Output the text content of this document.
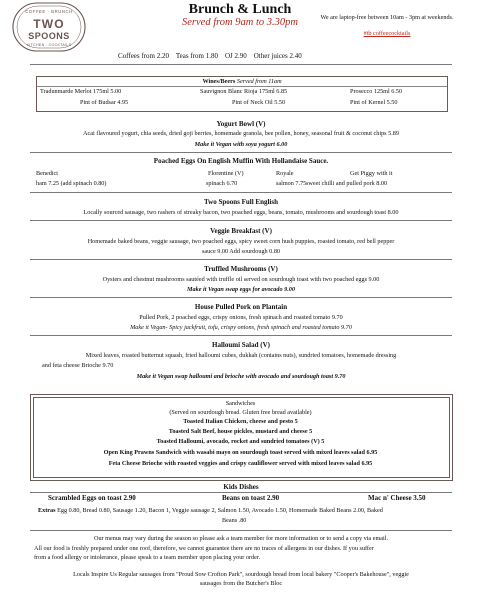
COFFEE · BRUNCH
TWO
SPOONS
KITCHEN · COCKTAILS
Brunch & Lunch
Served from 9am to 3.30pm	We are laptop-free between 10am - 3pm at weekends.
#tb coffeecocktails
Coffees from 2.20 Teas from 1.80 OJ 2.90 Other juices 2.40
Wines/Beers Served from 11am
Tradunmarde Merlot 175ml 5.00	Sauvignon Blanc Rioja 175ml 6.85	Prosecco 125ml 6.50
Pint of Budsar 4.95	Pint of Neck Oil 5.50	Pint of Kernel 5.50
Yogurt Bowl (V)
Acai flavoured yogurt, chia seeds, dried goji berries, homemade granola, bee pollen, honey, seasonal fruit & coconut chips 5.89
Make it Vegan with soya yogurt 6.00
Poached Eggs On English Muffin With Hollandaise Sauce.
Benedict
ham 7.25 (add spinach 0.80)
Florentine (V)
spinach 6.70
Royale
salmon 7.75
Get Piggy with it
sweet chilli and pulled pork 8.00
Two Spoons Full English
Locally sourced sausage, two rashers of streaky bacon, two poached eggs, beans, tomato, mushrooms and sourdough toast 8.00
Veggie Breakfast (V)
Homemade baked beans, veggie sausage, two poached eggs, spicy sweet corn hush puppies, roasted tomato, red bell pepper
sauce 9.00 Add sourdough 0.80
Truffled Mushrooms (V)
Oysters and chestnut mushrooms sautéed with truffle oil served on sourdough toast with two poached eggs 9.00
Make it Vegan swap eggs for avocado 9.00
House Pulled Pork on Plantain
Pulled Pork, 2 poached eggs, crispy onions, fresh spinach and roasted tomato 9.70
Make it Vegan- Spicy jackfruit, tofu, crispy onions, fresh spinach and roasted tomato 9.70
Halloumi Salad (V)
Mixed leaves, roasted butternut squash, fried halloumi cubes, dukkah (contains nuts), sundried tomatoes, homemade dressing
and feta cheese Brioche 9.70
Make it Vegan swap halloumi and brioche with avocado and sourdough toast 9.70
Sandwiches
(Served on sourdough bread. Gluten free bread available)
Toasted Italian Chicken, cheese and pesto 5
Toasted Salt Beef, house pickles, mustard and cheese 5
Toasted Halloumi, avocado, rocket and sundried tomatoes (V) 5
Open King Prawns Sandwich with wasabi mayo on sourdough toast served with mixed leaves salad 6.95
Feta Cheese Brioche with roasted veggies and crispy cauliflower served with mixed leaves salad 6.95
Kids Dishes
Scrambled Eggs on toast 2.90	Beans on toast 2.90	Mac n' Cheese 3.50
Extras Egg 0.80, Bread 0.80, Sausage 1.20, Bacon 1, Veggie sausage 2, Salmon 1.50, Avocado 1.50, Homemade Baked Beans 2.00, Baked
Beans .80
Our menus may vary during the season so please ask a team member for more information or to send a copy via email.
All our food is freshly prepared under one roof, therefore, we cannot guarantee there are no traces of allergens in our dishes. If you suffer
from a food allergy or intolerance, please speak to a team member upon placing your order.
Locals Inspire Us Regular sausages from "Proud Sow Crofton Park", sourdough bread from local bakery "Cooper's Bakehouse", veggie
sausages from the Butcher's Bloc
